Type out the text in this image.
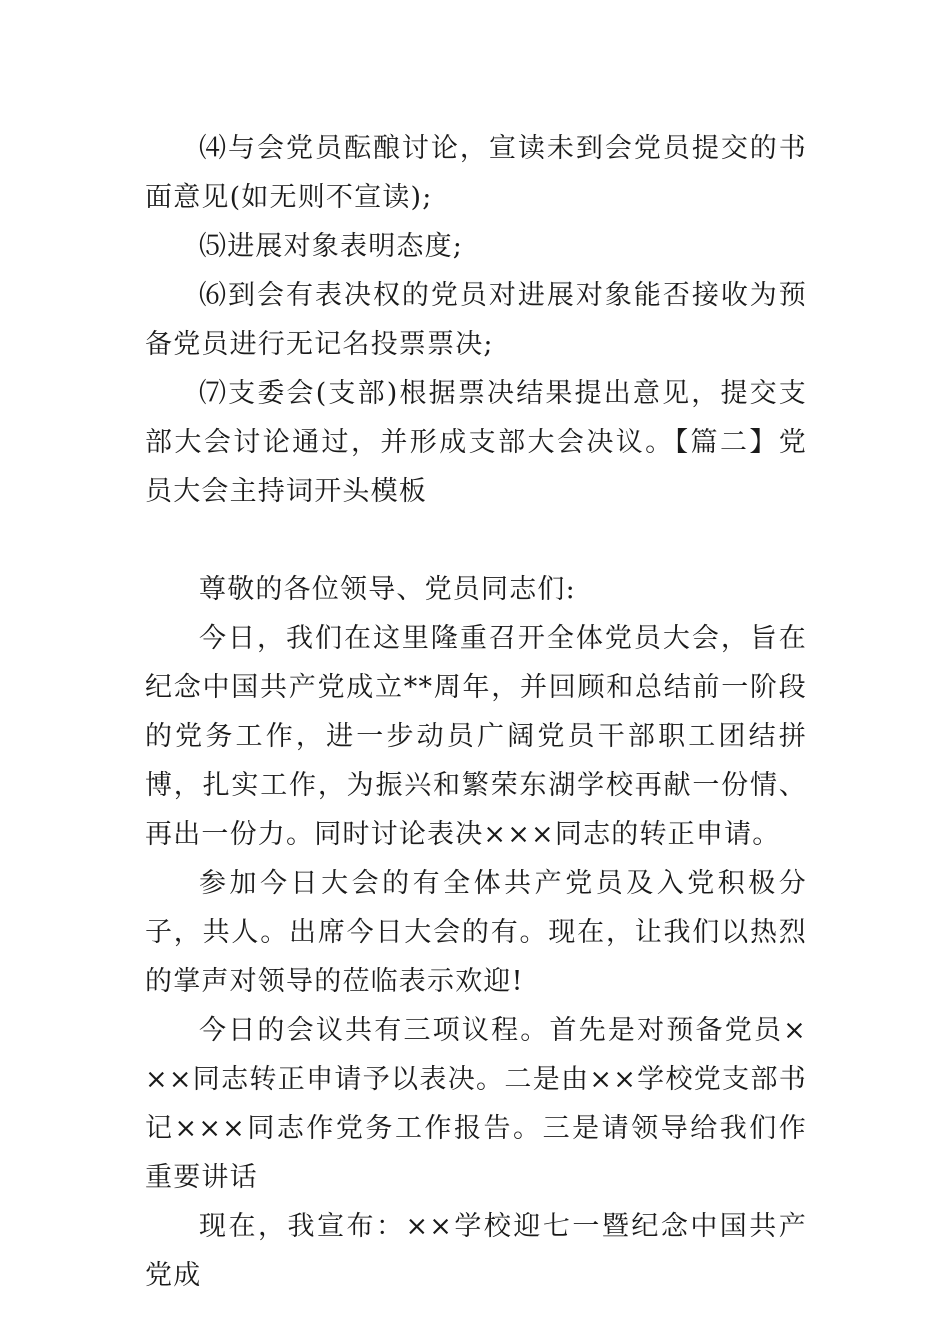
⑷与会党员酝酿讨论，宣读未到会党员提交的书面意见(如无则不宣读);

⑸进展对象表明态度;

⑹到会有表决权的党员对进展对象能否接收为预备党员进行无记名投票票决;

⑺支委会(支部)根据票决结果提出意见，提交支部大会讨论通过，并形成支部大会决议。【篇二】党员大会主持词开头模板

尊敬的各位领导、党员同志们:

今日，我们在这里隆重召开全体党员大会，旨在纪念中国共产党成立**周年，并回顾和总结前一阶段的党务工作，进一步动员广阔党员干部职工团结拼博，扎实工作，为振兴和繁荣东湖学校再献一份情、再出一份力。同时讨论表决×××同志的转正申请。

参加今日大会的有全体共产党员及入党积极分子，共人。出席今日大会的有。现在，让我们以热烈的掌声对领导的莅临表示欢迎!

今日的会议共有三项议程。首先是对预备党员×××同志转正申请予以表决。二是由××学校党支部书记×××同志作党务工作报告。三是请领导给我们作重要讲话

现在，我宣布：××学校迎七一暨纪念中国共产党成
